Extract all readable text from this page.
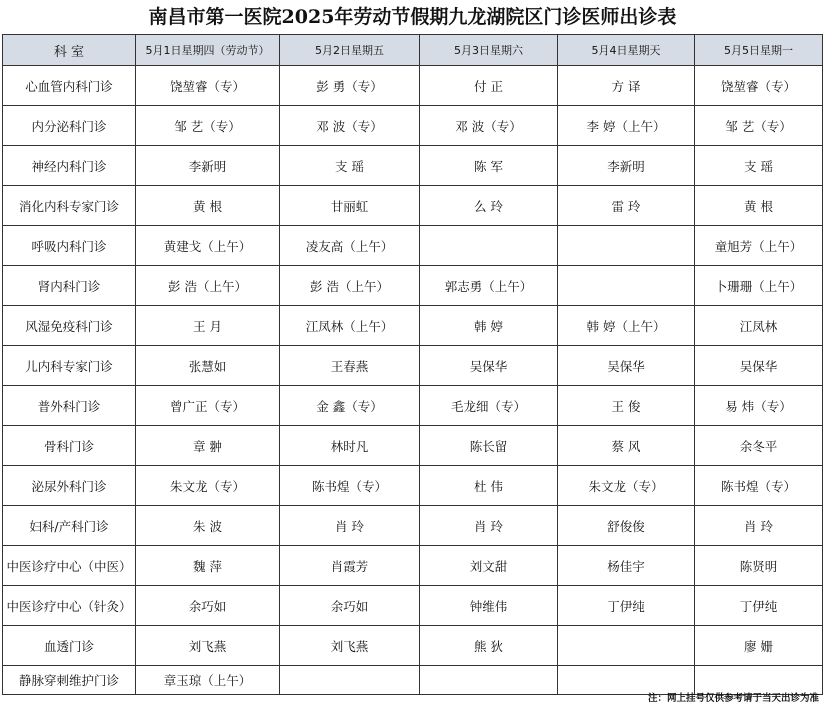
南昌市第一医院2025年劳动节假期九龙湖院区门诊医师出诊表
科 室	5月1日星期四（劳动节）	5月2日星期五	5月3日星期六	5月4日星期天	5月5日星期一
心血管内科门诊	饶堃睿（专）	彭 勇（专）	付 正	方 译	饶堃睿（专）
内分泌科门诊	邹 艺（专）	邓 波（专）	邓 波（专）	李 婷（上午）	邹 艺（专）
神经内科门诊	李新明	支 瑶	陈 军	李新明	支 瑶
消化内科专家门诊	黄 根	甘丽虹	么 玲	雷 玲	黄 根
呼吸内科门诊	黄建戈（上午）	凌友高（上午）			童旭芳（上午）
肾内科门诊	彭 浩（上午）	彭 浩（上午）	郭志勇（上午）		卜珊珊（上午）
风湿免疫科门诊	王 月	江凤林（上午）	韩 婷	韩 婷（上午）	江凤林
儿内科专家门诊	张慧如	王春燕	吴保华	吴保华	吴保华
普外科门诊	曾广正（专）	金 鑫（专）	毛龙细（专）	王 俊	易 炜（专）
骨科门诊	章 翀	林时凡	陈长留	蔡 风	余冬平
泌尿外科门诊	朱文龙（专）	陈书煌（专）	杜 伟	朱文龙（专）	陈书煌（专）
妇科/产科门诊	朱 波	肖 玲	肖 玲	舒俊俊	肖 玲
中医诊疗中心（中医）	魏 萍	肖霞芳	刘文甜	杨佳宇	陈贤明
中医诊疗中心（针灸）	余巧如	余巧如	钟维伟	丁伊纯	丁伊纯
血透门诊	刘飞燕	刘飞燕	熊 狄		廖 姗
静脉穿刺维护门诊	章玉琼（上午）				
注：网上挂号仅供参考请于当天出诊为准
